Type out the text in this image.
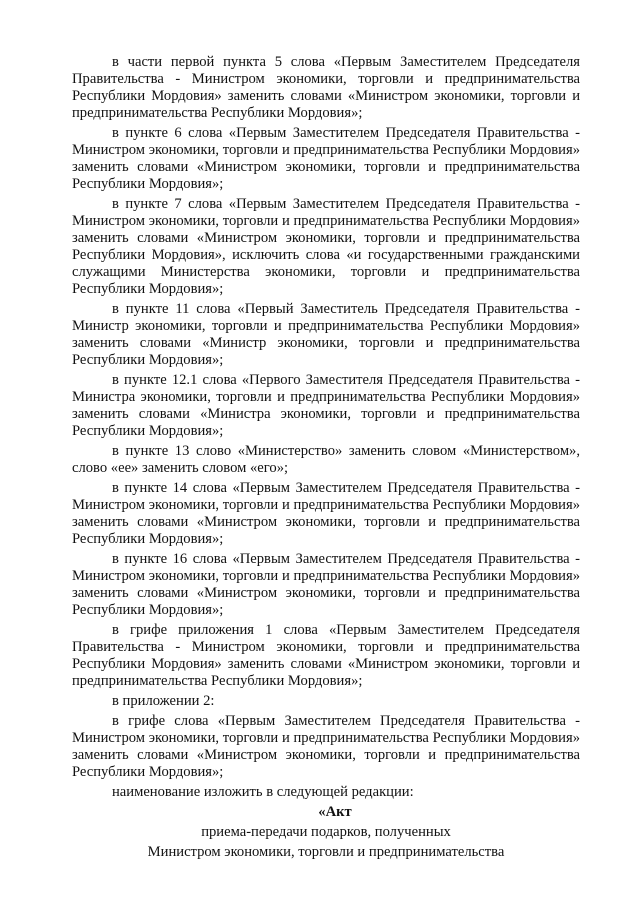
в части первой пункта 5 слова «Первым Заместителем Председателя Правительства - Министром экономики, торговли и предпринимательства Республики Мордовия» заменить словами «Министром экономики, торговли и предпринимательства Республики Мордовия»;

в пункте 6 слова «Первым Заместителем Председателя Правительства - Министром экономики, торговли и предпринимательства Республики Мордовия» заменить словами «Министром экономики, торговли и предпринимательства Республики Мордовия»;

в пункте 7 слова «Первым Заместителем Председателя Правительства - Министром экономики, торговли и предпринимательства Республики Мордовия» заменить словами «Министром экономики, торговли и предпринимательства Республики Мордовия», исключить слова «и государственными гражданскими служащими Министерства экономики, торговли и предпринимательства Республики Мордовия»;

в пункте 11 слова «Первый Заместитель Председателя Правительства - Министр экономики, торговли и предпринимательства Республики Мордовия» заменить словами «Министр экономики, торговли и предпринимательства Республики Мордовия»;

в пункте 12.1 слова «Первого Заместителя Председателя Правительства - Министра экономики, торговли и предпринимательства Республики Мордовия» заменить словами «Министра экономики, торговли и предпринимательства Республики Мордовия»;

в пункте 13 слово «Министерство» заменить словом «Министерством», слово «ее» заменить словом «его»;

в пункте 14 слова «Первым Заместителем Председателя Правительства - Министром экономики, торговли и предпринимательства Республики Мордовия» заменить словами «Министром экономики, торговли и предпринимательства Республики Мордовия»;

в пункте 16 слова «Первым Заместителем Председателя Правительства - Министром экономики, торговли и предпринимательства Республики Мордовия» заменить словами «Министром экономики, торговли и предпринимательства Республики Мордовия»;

в грифе приложения 1 слова «Первым Заместителем Председателя Правительства - Министром экономики, торговли и предпринимательства Республики Мордовия» заменить словами «Министром экономики, торговли и предпринимательства Республики Мордовия»;

в приложении 2:

в грифе слова «Первым Заместителем Председателя Правительства - Министром экономики, торговли и предпринимательства Республики Мордовия» заменить словами «Министром экономики, торговли и предпринимательства Республики Мордовия»;

наименование изложить в следующей редакции:

«Акт

приема-передачи подарков, полученных

Министром экономики, торговли и предпринимательства
